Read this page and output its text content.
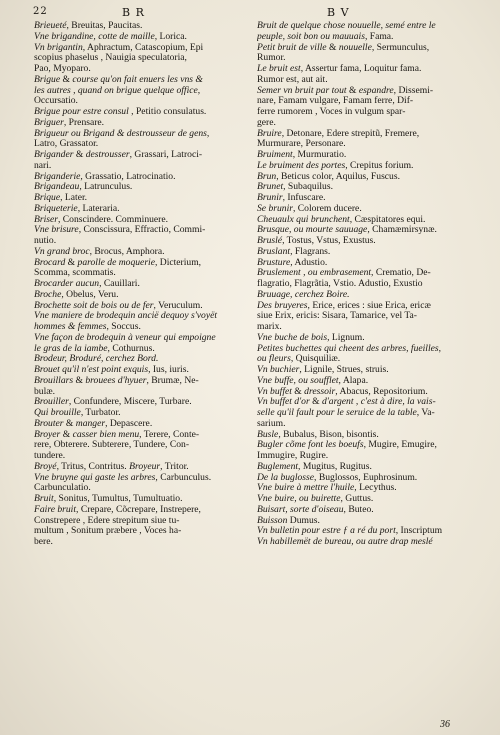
22	B R	B V
Brieueté, Breuitas, Paucitas.
Vne brigandine, cotte de maille, Lorica.
Vn brigantin, Aphractum, Catascopium, Epi
scopius phaselus , Nauigia speculatoria,
Pao, Myoparo.
Brigue & course qu'on fait enuers les vns &
les autres , quand on brigue quelque office,
Occursatio.
Brigue pour estre consul , Petitio consulatus.
Briguer, Prensare.
Brigueur ou Brigand & destrousseur de gens,
Latro, Grassator.
Brigander & destrousser, Grassari, Latroci-
nari.
Briganderie, Grassatio, Latrocinatio.
Brigandeau, Latrunculus.
Brique, Later.
Briqueterie, Lateraria.
Briser, Conscindere. Comminuere.
Vne brisure, Conscissura, Effractio, Commi-
nutio.
Vn grand broc, Brocus, Amphora.
Brocard & parolle de moquerie, Dicterium,
Scomma, scommatis.
Brocarder aucun, Cauillari.
Broche, Obelus, Veru.
Brochette soit de bois ou de fer, Veruculum.
Vne maniere de brodequin ancië dequoy s'voyët
hommes & femmes, Soccus.
Vne façon de brodequin à veneur qui empoigne
le gras de la iambe, Cothurnus.
Brodeur, Broduré, cerchez Bord.
Brouet qu'il n'est point exquis, Ius, iuris.
Brouillars & brouees d'hyuer, Brumæ, Ne-
bulæ.
Brouiller, Confundere, Miscere, Turbare.
Qui brouille, Turbator.
Brouter & manger, Depascere.
Broyer & casser bien menu, Terere, Conte-
rere, Obterere. Subterere, Tundere, Con-
tundere.
Broyé, Tritus, Contritus. Broyeur, Tritor.
Vne bruyne qui gaste les arbres, Carbunculus.
Carbunculatio.
Bruit, Sonitus, Tumultus, Tumultuatio.
Faire bruit, Crepare, Cõcrepare, Instrepere,
Constrepere , Edere strepitum siue tu-
multum , Sonitum præbere , Voces ha-
bere.
Bruit de quelque chose nouuelle, semé entre le
peuple, soit bon ou mauuais, Fama.
Petit bruit de ville & nouuelle, Sermunculus,
Rumor.
Le bruit est, Assertur fama, Loquitur fama.
Rumor est, aut ait.
Semer vn bruit par tout & espandre, Dissemi-
nare, Famam vulgare, Famam ferre, Dif-
ferre rumorem , Voces in vulgum spar-
gere.
Bruire, Detonare, Edere strepitũ, Fremere,
Murmurare, Personare.
Bruiment, Murmuratio.
Le bruiment des portes, Crepitus forium.
Brun, Beticus color, Aquilus, Fuscus.
Brunet, Subaquilus.
Brunir, Infuscare.
Se brunir, Colorem ducere.
Cheuaulx qui brunchent, Cæspitatores equi.
Brusque, ou mourte sauuage, Chamæmirsynæ.
Bruslé, Tostus, Vstus, Exustus.
Bruslant, Flagrans.
Brusture, Adustio.
Bruslement , ou embrasement, Crematio, De-
flagratio, Flagrãtia, Vstio. Adustio, Exustio
Bruuage, cerchez Boire.
Des bruyeres, Erice, erices : siue Erica, ericæ
siue Erix, ericis: Sisara, Tamarice, vel Ta-
marix.
Vne buche de bois, Lignum.
Petites buchettes qui cheent des arbres, fueilles,
ou fleurs, Quisquiliæ.
Vn buchier, Lignile, Strues, struis.
Vne buffe, ou soufflet, Alapa.
Vn buffet & dressoir, Abacus, Repositorium.
Vn buffet d'or & d'argent , c'est à dire, la vais-
selle qu'il fault pour le seruice de la table, Va-
sarium.
Busle, Bubalus, Bison, bisontis.
Bugler cõme font les boeufs, Mugire, Emugire,
Immugire, Rugire.
Buglement, Mugitus, Rugitus.
De la buglosse, Buglossos, Euphrosinum.
Vne buire à mettre l'huile, Lecythus.
Vne buire, ou buirette, Guttus.
Buisart, sorte d'oiseau, Buteo.
Buisson Dumus.
Vn bulletin pour estre ƒ ɑ ré du port, Inscriptum
Vn habillemët de bureau, ou autre drap meslé
36
